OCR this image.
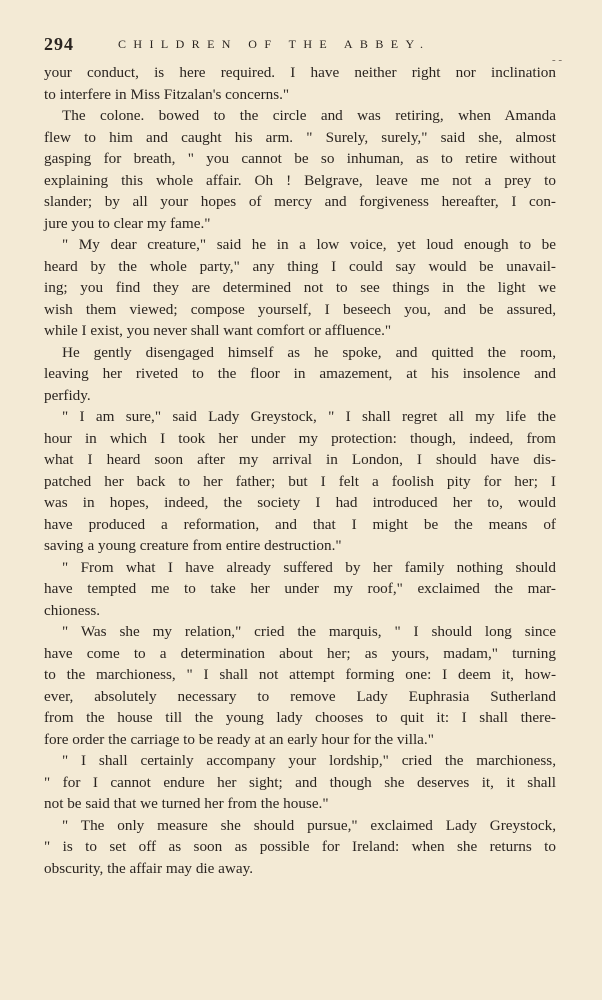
294	CHILDREN OF THE ABBEY.
- -
your conduct, is here required. I have neither right nor inclination
to interfere in Miss Fitzalan's concerns."
The colone. bowed to the circle and was retiring, when Amanda
flew to him and caught his arm. " Surely, surely," said she, almost
gasping for breath, " you cannot be so inhuman, as to retire without
explaining this whole affair. Oh ! Belgrave, leave me not a prey to
slander; by all your hopes of mercy and forgiveness hereafter, I con-
jure you to clear my fame."
" My dear creature," said he in a low voice, yet loud enough to be
heard by the whole party," any thing I could say would be unavail-
ing; you find they are determined not to see things in the light we
wish them viewed; compose yourself, I beseech you, and be assured,
while I exist, you never shall want comfort or affluence."
He gently disengaged himself as he spoke, and quitted the room,
leaving her riveted to the floor in amazement, at his insolence and
perfidy.
" I am sure," said Lady Greystock, " I shall regret all my life the
hour in which I took her under my protection: though, indeed, from
what I heard soon after my arrival in London, I should have dis-
patched her back to her father; but I felt a foolish pity for her; I
was in hopes, indeed, the society I had introduced her to, would
have produced a reformation, and that I might be the means of
saving a young creature from entire destruction."
" From what I have already suffered by her family nothing should
have tempted me to take her under my roof," exclaimed the mar-
chioness.
" Was she my relation," cried the marquis, " I should long since
have come to a determination about her; as yours, madam," turning
to the marchioness, " I shall not attempt forming one: I deem it, how-
ever, absolutely necessary to remove Lady Euphrasia Sutherland
from the house till the young lady chooses to quit it: I shall there-
fore order the carriage to be ready at an early hour for the villa."
" I shall certainly accompany your lordship," cried the marchioness,
" for I cannot endure her sight; and though she deserves it, it shall
not be said that we turned her from the house."
" The only measure she should pursue," exclaimed Lady Greystock,
" is to set off as soon as possible for Ireland: when she returns to
obscurity, the affair may die away.
